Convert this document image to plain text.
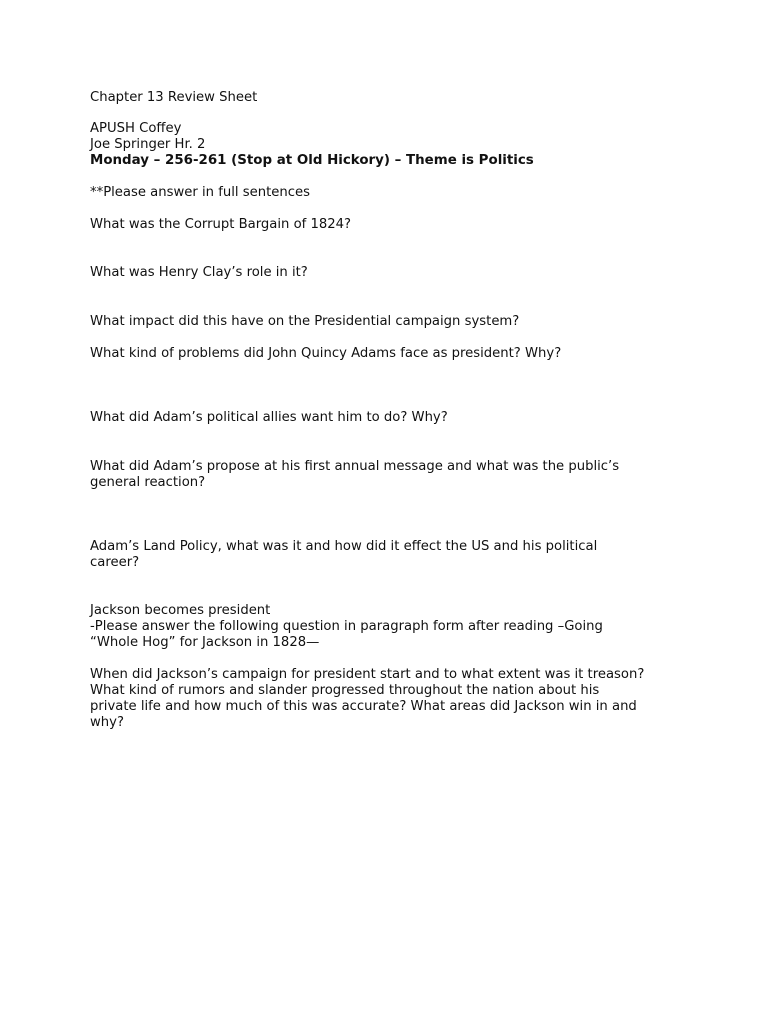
Chapter 13 Review Sheet

APUSH Coffey

Joe Springer Hr. 2

Monday – 256-261 (Stop at Old Hickory) – Theme is Politics

**Please answer in full sentences

What was the Corrupt Bargain of 1824?

What was Henry Clay’s role in it?

What impact did this have on the Presidential campaign system?

What kind of problems did John Quincy Adams face as president? Why?

What did Adam’s political allies want him to do? Why?

What did Adam’s propose at his first annual message and what was the public’s

general reaction?

Adam’s Land Policy, what was it and how did it effect the US and his political

career?

Jackson becomes president

-Please answer the following question in paragraph form after reading –Going

“Whole Hog” for Jackson in 1828—

When did Jackson’s campaign for president start and to what extent was it treason?

What kind of rumors and slander progressed throughout the nation about his

private life and how much of this was accurate? What areas did Jackson win in and

why?
